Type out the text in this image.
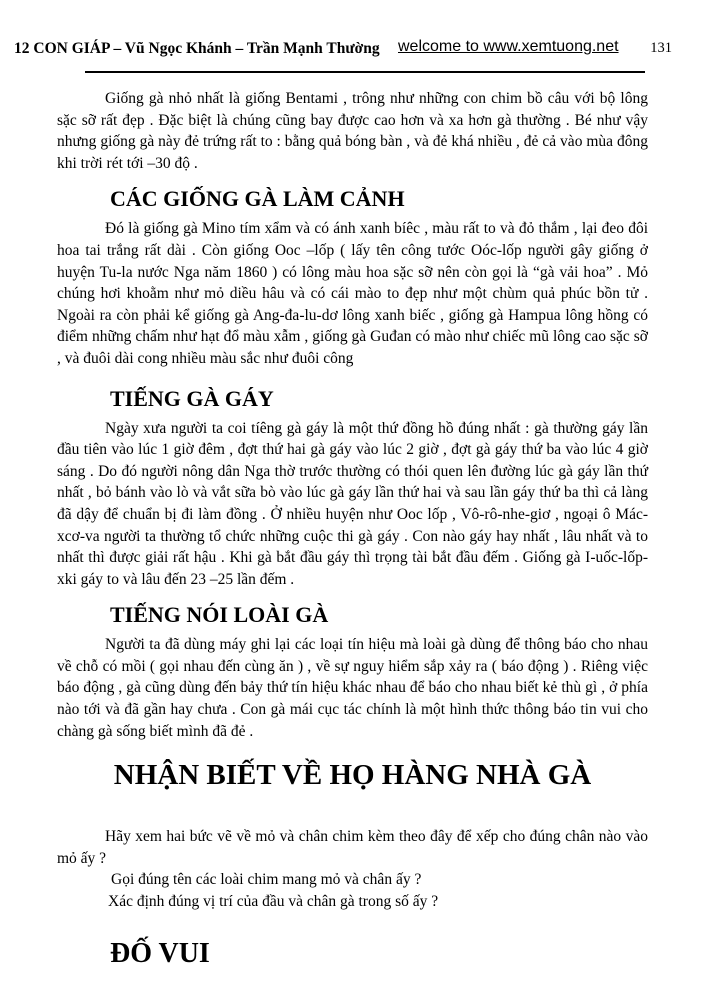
12 CON GIÁP – Vũ Ngọc Khánh – Trần Mạnh Thường welcome to www.xemtuong.net 131

Giống gà nhỏ nhất là giống Bentami , trông như những con chim bồ câu với bộ lông sặc sỡ rất đẹp . Đặc biệt là chúng cũng bay được cao hơn và xa hơn gà thường . Bé như vậy nhưng giống gà này đẻ trứng rất to : bằng quả bóng bàn , và đẻ khá nhiều , đẻ cả vào mùa đông khi trời rét tới –30 độ .

CÁC GIỐNG GÀ LÀM CẢNH

Đó là giống gà Mino tím xẩm và có ánh xanh bíêc , màu rất to và đỏ thắm , lại đeo đôi hoa tai trắng rất dài . Còn giống Ooc –lốp ( lấy tên công tước Oóc-lốp người gây giống ở huyện Tu-la nước Nga năm 1860 ) có lông màu hoa sặc sỡ nên còn gọi là “gà vải hoa” . Mỏ chúng hơi khoằm như mỏ diều hâu và có cái mào to đẹp như một chùm quả phúc bồn tử . Ngoài ra còn phải kể giống gà Ang-đa-lu-dơ lông xanh biếc , giống gà Hampua lông hồng có điểm những chấm như hạt đổ màu xẫm , giống gà Guđan có mào như chiếc mũ lông cao sặc sỡ , và đuôi dài cong nhiều màu sắc như đuôi công

TIẾNG GÀ GÁY

Ngày xưa người ta coi tíêng gà gáy là một thứ đồng hồ đúng nhất : gà thường gáy lần đầu tiên vào lúc 1 giờ đêm , đợt thứ hai gà gáy vào lúc 2 giờ , đợt gà gáy thứ ba vào lúc 4 giờ sáng . Do đó người nông dân Nga thờ trước thường có thói quen lên đường lúc gà gáy lần thứ nhất , bỏ bánh vào lò và vắt sữa bò vào lúc gà gáy lần thứ hai và sau lần gáy thứ ba thì cả làng đã dậy để chuẩn bị đi làm đồng . Ở nhiều huyện như Ooc lốp , Vô-rô-nhe-giơ , ngoại ô Mác-xcơ-va người ta thường tổ chức những cuộc thi gà gáy . Con nào gáy hay nhất , lâu nhất và to nhất thì được giải rất hậu . Khi gà bắt đầu gáy thì trọng tài bắt đầu đếm . Giống gà I-uốc-lốp-xki gáy to và lâu đến 23 –25 lần đếm .

TIẾNG NÓI LOÀI GÀ

Người ta đã dùng máy ghi lại các loại tín hiệu mà loài gà dùng để thông báo cho nhau về chỗ có mồi ( gọi nhau đến cùng ăn ) , về sự nguy hiểm sắp xảy ra ( báo động ) . Riêng việc báo động , gà cũng dùng đến bảy thứ tín hiệu khác nhau để báo cho nhau biết kẻ thù gì , ở phía nào tới và đã gần hay chưa . Con gà mái cục tác chính là một hình thức thông báo tin vui cho chàng gà sống biết mình đã đẻ .

NHẬN BIẾT VỀ HỌ HÀNG NHÀ GÀ

Hãy xem hai bức vẽ về mỏ và chân chim kèm theo đây để xếp cho đúng chân nào vào mỏ ấy ?

Gọi đúng tên các loài chim mang mỏ và chân ấy ?

Xác định đúng vị trí của đầu và chân gà trong số ấy ?

ĐỐ VUI
